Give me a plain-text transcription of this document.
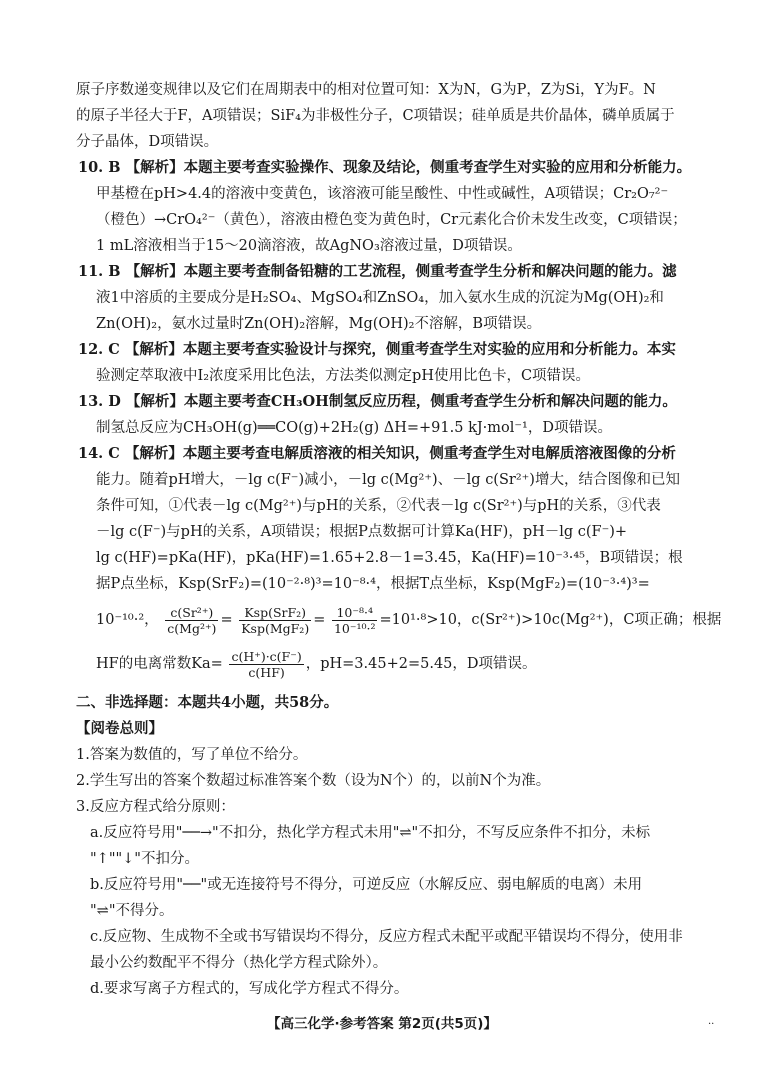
原子序数递变规律以及它们在周期表中的相对位置可知：X为N，G为P，Z为Si，Y为F。N
的原子半径大于F，A项错误；SiF₄为非极性分子，C项错误；硅单质是共价晶体，磷单质属于
分子晶体，D项错误。
10. B 【解析】本题主要考查实验操作、现象及结论，侧重考查学生对实验的应用和分析能力。
甲基橙在pH>4.4的溶液中变黄色，该溶液可能呈酸性、中性或碱性，A项错误；Cr₂O₇²⁻
（橙色）→CrO₄²⁻（黄色），溶液由橙色变为黄色时，Cr元素化合价未发生改变，C项错误；
1 mL溶液相当于15～20滴溶液，故AgNO₃溶液过量，D项错误。
11. B 【解析】本题主要考查制备铅糖的工艺流程，侧重考查学生分析和解决问题的能力。滤
液1中溶质的主要成分是H₂SO₄、MgSO₄和ZnSO₄，加入氨水生成的沉淀为Mg(OH)₂和
Zn(OH)₂，氨水过量时Zn(OH)₂溶解，Mg(OH)₂不溶解，B项错误。
12. C 【解析】本题主要考查实验设计与探究，侧重考查学生对实验的应用和分析能力。本实
验测定萃取液中I₂浓度采用比色法，方法类似测定pH使用比色卡，C项错误。
13. D 【解析】本题主要考查CH₃OH制氢反应历程，侧重考查学生分析和解决问题的能力。
制氢总反应为CH₃OH(g)══CO(g)+2H₂(g) ΔH=+91.5 kJ·mol⁻¹，D项错误。
14. C 【解析】本题主要考查电解质溶液的相关知识，侧重考查学生对电解质溶液图像的分析
能力。随着pH增大，－lg c(F⁻)减小，－lg c(Mg²⁺)、－lg c(Sr²⁺)增大，结合图像和已知
条件可知，①代表－lg c(Mg²⁺)与pH的关系，②代表－lg c(Sr²⁺)与pH的关系，③代表
－lg c(F⁻)与pH的关系，A项错误；根据P点数据可计算Ka(HF)，pH－lg c(F⁻)+
lg c(HF)=pKa(HF)，pKa(HF)=1.65+2.8－1=3.45，Ka(HF)=10⁻³·⁴⁵，B项错误；根
据P点坐标，Ksp(SrF₂)=(10⁻²·⁸)³=10⁻⁸·⁴，根据T点坐标，Ksp(MgF₂)=(10⁻³·⁴)³=
10⁻¹⁰·²， $\frac{\text{c(Sr²⁺)}}{\text{c(Mg²⁺)}} = \frac{\text{Ksp(SrF₂)}}{\text{Ksp(MgF₂)}} = \frac{\text{10⁻⁸·⁴}}{\text{10⁻¹⁰·²}} =10^1\cdot^8>10$，c(Sr²⁺)>10c(Mg²⁺)，C项正确；根据
HF的电离常数$Ka= \frac{c(H^+)\cdot c(F^-)}{c(HF)}$ ，pH=3.45+2=5.45，D项错误。
二、非选择题：本题共4小题，共58分。
【阅卷总则】
1.答案为数值的，写了单位不给分。
2.学生写出的答案个数超过标准答案个数（设为N个）的，以前N个为准。
3.反应方程式给分原则：
a.反应符号用"──→"不扣分，热化学方程式未用"⇌"不扣分，不写反应条件不扣分，未标
"↑""↓"不扣分。
b.反应符号用"──"或无连接符号不得分，可逆反应（水解反应、弱电解质的电离）未用
"⇌"不得分。
c.反应物、生成物不全或书写错误均不得分，反应方程式未配平或配平错误均不得分，使用非
最小公约数配平不得分（热化学方程式除外）。
d.要求写离子方程式的，写成化学方程式不得分。
【高三化学·参考答案 第2页(共5页)】	..
